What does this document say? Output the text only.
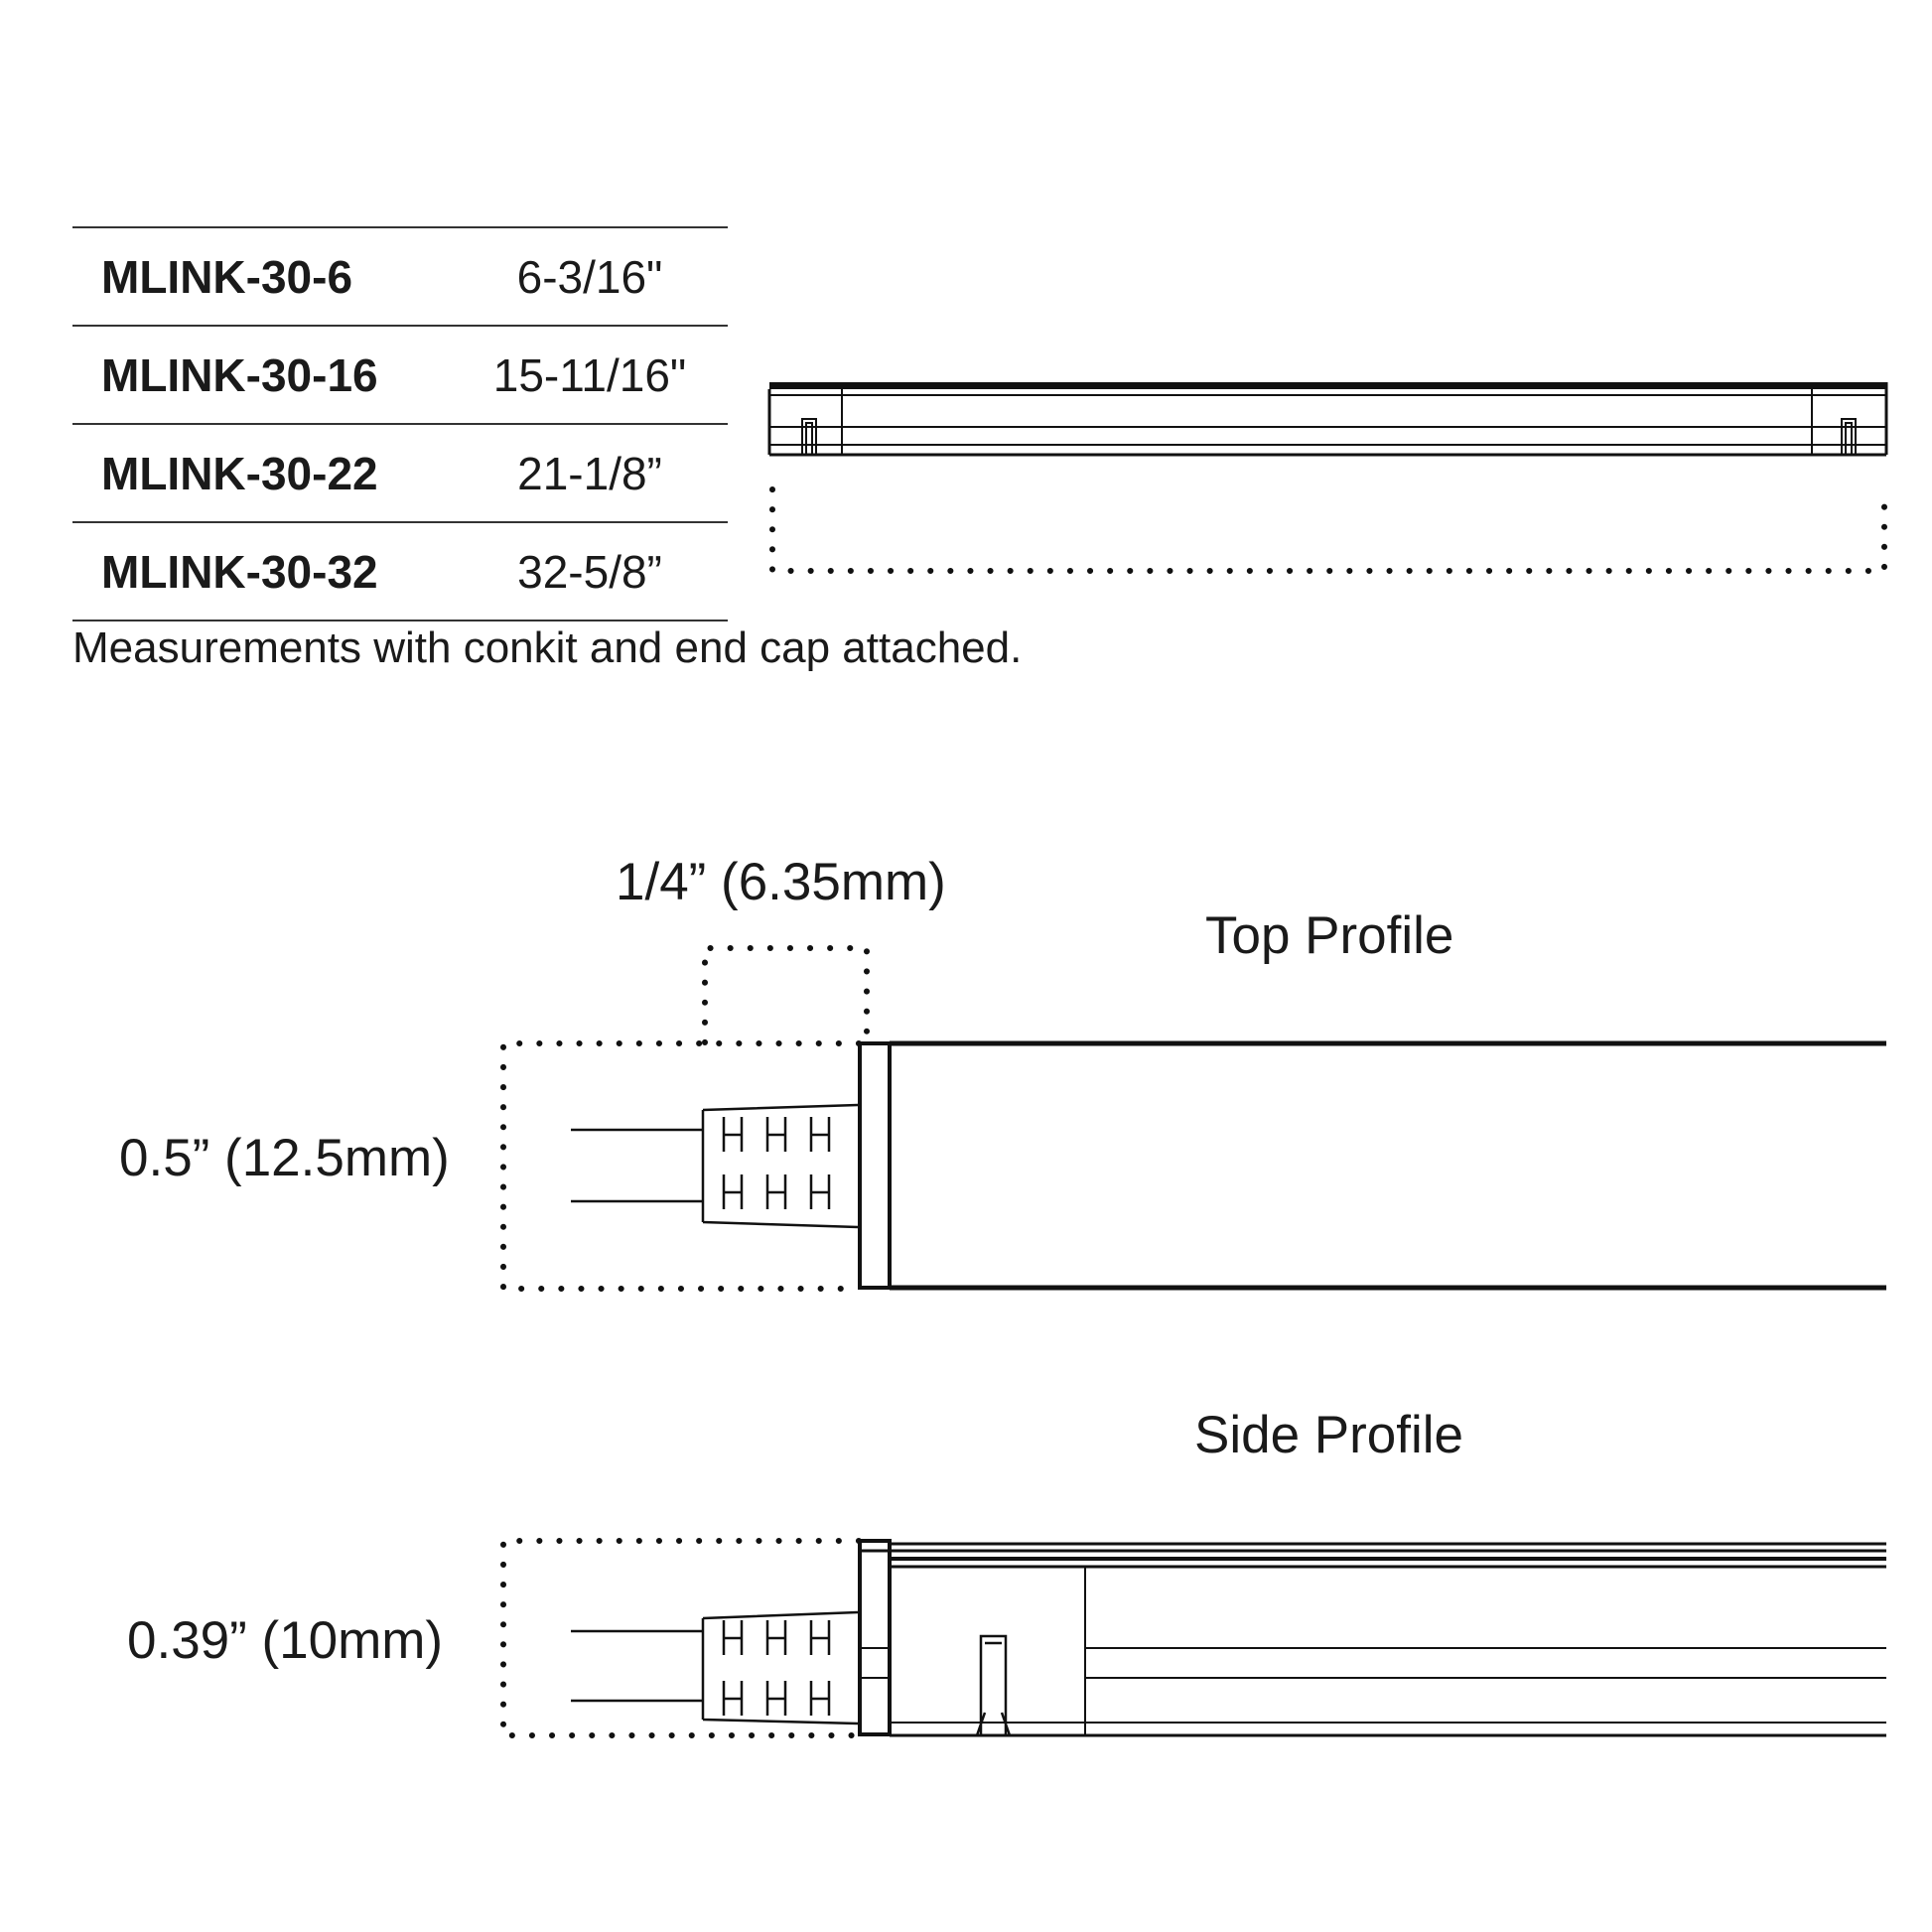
MLINK-30-6	6-3/16"
MLINK-30-16	15-11/16"
MLINK-30-22	21-1/8”
MLINK-30-32	32-5/8”
Measurements with conkit and end cap attached.
1/4” (6.35mm)
Top Profile
0.5” (12.5mm)
Side Profile
0.39” (10mm)
